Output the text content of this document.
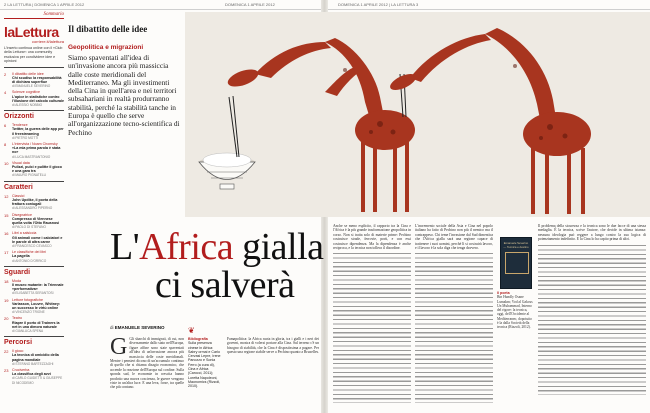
2 LA LETTURA | DOMENICA 1 APRILE 2012	DOMENICA 1 APRILE 2012	DOMENICA 1 APRILE 2012 | LA LETTURA 3
Sommario
laLettura
corriere.it/lalettura
L'inserto continua online con il «Club della Lettura»: una community esclusiva per condividere idee e opinioni
2	Il dibattito delle idee
Chi scudisc la responsabilità di dichiara superflue
di EMANUELE SEVERINO
4	Scienze cognitive
L'apice in statistiche contro l'illusione del calcolo culturale
di ALESSIO NOBBIO
Orizzonti
6	Tendenze
Twitter, la guerra delle app per il freestreaming
di PIETRO MOTTI
8	L'intervista / Noam Chomsky
«La mia prima parola è stata no»
di LUCA MASTRANTONIO
10 Visual data
Pulizzi, pulci e pulitte il gioco e una gara tra
di MAURO PIGNATELLI
Caratteri
12 Classici
John Updike, il poeta della frattura coniugali
di ALESSANDRO PIPERNO
15 Disegnatrice
Compresso di Viennese quella volta l'Otto Rausnosi
di PAOLO DI STEFANO
16 Libri a salsiccia
Gli animali come i calciatori e le parole di altra carne
di FRANCESCO CEVASCO
17 Le classifiche dei libri
La pagella
di ANTONIO D'ORRICO
Sguardi
18 Moda
Il museo mutante: la Triennale «performativa»
di ELISABETTA SERANTOSI
19 Letture fotografiche
Varlasson, Louvre, Whitney: un successo le virtù online
di VINCENZO TRIONE
20 Teatro
Riapre il porto di Trainers la net in una dimora naturale
di GIANLUCA SPENA
Percorsi
22 Il gioco
La tecnica di omicidio della pagina mondiale
di STEFANO BARTEZZAGHI
23 Cruciverba
La classifica degli avvi
di CARLO GUIDETTI & GIUSEPPE DI NICODEMO
Il dibattito delle idee
Geopolitica e migrazioni
Siamo spaventati all'idea di un'invasione ancora più massiccia dalle coste meridionali del Mediterraneo. Ma gli investimenti della Cina in quell'area e nei territori subsahariani in realtà produrranno stabilità, perché la stabilità tanche in Europa è quello che serve all'organizzazione tecno-scientifica di Pechino
L'Africa gialla
ci salverà
di EMANUELE SEVERINO
G Gli sbarchi di immigrati, di cui, non diversamente dallo stato nell'Europa, figure affine sono state spaventati all'idea di un'invasione ancora più massiccia delle coste meridionali. Mentre i pensieri dicono di un'accumulo continuo di quello che si chiama disagio economico, che accende la reazione dell'Europa sul confine. Sulla sponda sud, le economie in crescita hanno prodotto una nuova coscienza, le guerre vengono viste in un'altra luce. E una leva, forse, tra quelle che più contano.
❦
Bibliografia
Sulla presenza cinese in Africa: Sabry ormai e Carlo Cervasi Lepre, Irene Panozzo e Sonia Ferro (a cura di), Cina e Africa (Carocci, 2011); Loretta Napoleoni, Maonomics (Rizzoli, 2010).
Famapolitica: la Africa ruota in gloria, tra i gialli e i neri dei governi, mostra di volersi portare alla Cina. Sul terreno c'è un bisogno di stabilità, che la Cina è dispostissima a pagare. Per questo una regione stabile serve a Pechino quanto a Bruxelles.
Anche se meno esplicito, il rapporto tra la Cina e l'Africa è la più grande trasformazione geopolitica in corso. Non si tratta solo di materie prime: Pechino costruisce strade, ferrovie, porti, e con essi costruisce dipendenza. Ma la dipendenza è anche reciproca, e la tecnica non tollera il disordine.
L'incremento sociale della Asia e Cina nel popolo italiano ha fatto di Pechino non più il nemico ma il contrappeso. Chi teme l'invasione dal Sud dimentica che l'Africa gialla sarà una regione capace di trattenere i suoi uomini, perché lì si costruirà lavoro, e il lavoro è la sola diga che tenga davvero.
Emanuele Severino — Tecnica e destino
Il poeta
Bin Hundly Osane Lumakm; Vod al Gakcus Un Muhammad, Interno del rigore: la tecnica, oggi, dell'Occidente al Mediterraneo, dopotutto è la dalla Società della tecnica (Rizzoli, 2012).
Il problema della sicurezza e la tecnica sono le due facce di una stessa medaglia. È la tecnica, scrive l'autore, che decide in ultima istanza: nessuna ideologia può reggere a lungo contro la sua logica di potenziamento indefinito. E la Cina lo ha capito prima di altri.
